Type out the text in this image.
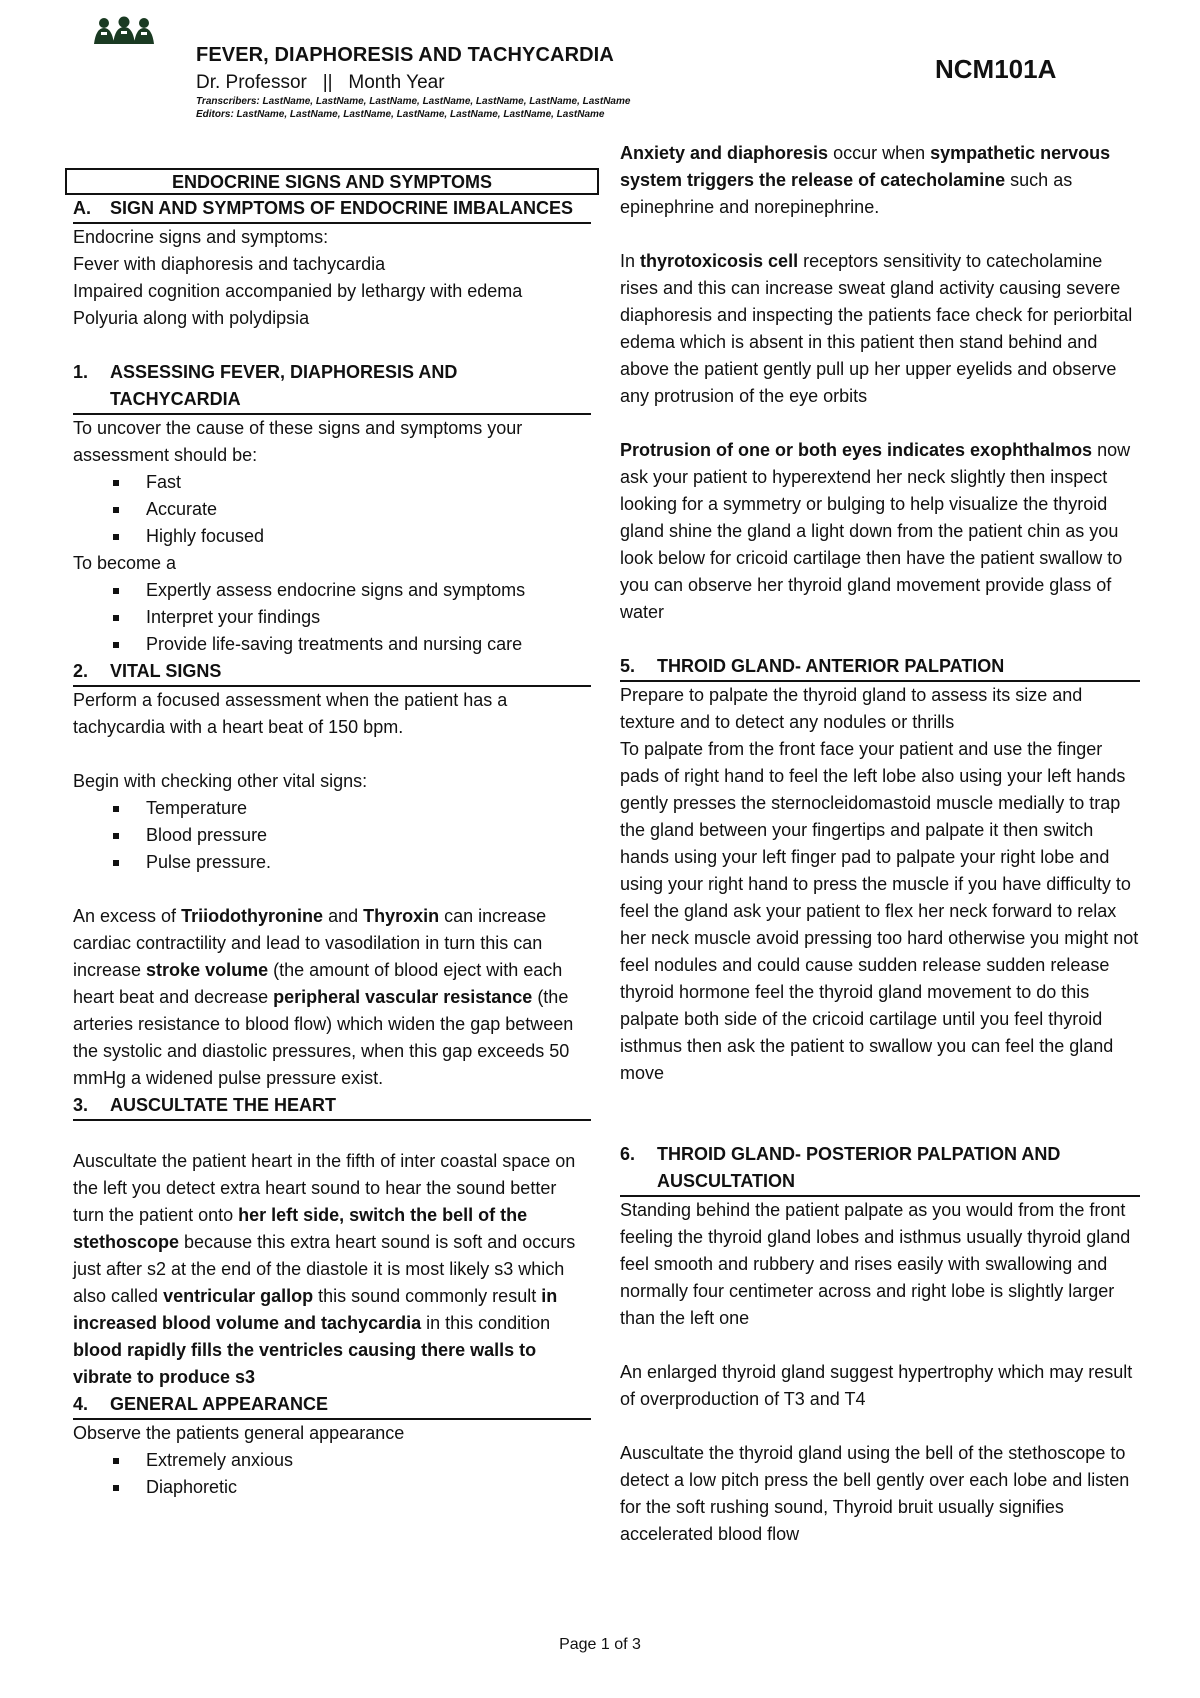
FEVER, DIAPHORESIS AND TACHYCARDIA
Dr. Professor   ||   Month Year
Transcribers: LastName, LastName, LastName, LastName, LastName, LastName, LastName
Editors: LastName, LastName, LastName, LastName, LastName, LastName, LastName
NCM101A
ENDOCRINE SIGNS AND SYMPTOMS
A.	SIGN AND SYMPTOMS OF ENDOCRINE IMBALANCES

Endocrine signs and symptoms:

Fever with diaphoresis and tachycardia

Impaired cognition accompanied by lethargy with edema

Polyuria along with polydipsia

1.	ASSESSING FEVER, DIAPHORESIS AND TACHYCARDIA

To uncover the cause of these signs and symptoms your assessment should be:

Fast
Accurate
Highly focused

To become a

Expertly assess endocrine signs and symptoms
Interpret your findings
Provide life-saving treatments and nursing care
2.	VITAL SIGNS

Perform a focused assessment when the patient has a tachycardia with a heart beat of 150 bpm.

Begin with checking other vital signs:

Temperature
Blood pressure
Pulse pressure.

An excess of Triiodothyronine and Thyroxin can increase cardiac contractility and lead to vasodilation in turn this can increase stroke volume (the amount of blood eject with each heart beat and decrease peripheral vascular resistance (the arteries resistance to blood flow) which widen the gap between the systolic and diastolic pressures, when this gap exceeds 50 mmHg a widened pulse pressure exist.

3.	AUSCULTATE THE HEART

Auscultate the patient heart in the fifth of inter coastal space on the left you detect extra heart sound to hear the sound better turn the patient onto her left side, switch the bell of the stethoscope because this extra heart sound is soft and occurs just after s2 at the end of the diastole it is most likely s3 which also called ventricular gallop this sound commonly result in increased blood volume and tachycardia in this condition blood rapidly fills the ventricles causing there walls to vibrate to produce s3

4.	GENERAL APPEARANCE

Observe the patients general appearance

Extremely anxious
Diaphoretic

Anxiety and diaphoresis occur when sympathetic nervous system triggers the release of catecholamine such as epinephrine and norepinephrine.

In thyrotoxicosis cell receptors sensitivity to catecholamine rises and this can increase sweat gland activity causing severe diaphoresis and inspecting the patients face check for periorbital edema which is absent in this patient then stand behind and above the patient gently pull up her upper eyelids and observe any protrusion of the eye orbits

Protrusion of one or both eyes indicates exophthalmos now ask your patient to hyperextend her neck slightly then inspect looking for a symmetry or bulging to help visualize the thyroid gland shine the gland a light down from the patient chin as you look below for cricoid cartilage then have the patient swallow to you can observe her thyroid gland movement provide glass of water

5.	THROID GLAND- ANTERIOR PALPATION

Prepare to palpate the thyroid gland to assess its size and texture and to detect any nodules or thrills

To palpate from the front face your patient and use the finger pads of right hand to feel the left lobe also using your left hands gently presses the sternocleidomastoid muscle medially to trap the gland between your fingertips and palpate it then switch hands using your left finger pad to palpate your right lobe and using your right hand to press the muscle if you have difficulty to feel the gland ask your patient to flex her neck forward to relax her neck muscle avoid pressing too hard otherwise you might not feel nodules and could cause sudden release sudden release thyroid hormone feel the thyroid gland movement to do this palpate both side of the cricoid cartilage until you feel thyroid isthmus then ask the patient to swallow you can feel the gland move

6.	THROID GLAND- POSTERIOR PALPATION AND AUSCULTATION

Standing behind the patient palpate as you would from the front feeling the thyroid gland lobes and isthmus usually thyroid gland feel smooth and rubbery and rises easily with swallowing and normally four centimeter across and right lobe is slightly larger than the left one

An enlarged thyroid gland suggest hypertrophy which may result of overproduction of T3 and T4

Auscultate the thyroid gland using the bell of the stethoscope to detect a low pitch press the bell gently over each lobe and listen for the soft rushing sound, Thyroid bruit usually signifies accelerated blood flow

Page 1 of 3
